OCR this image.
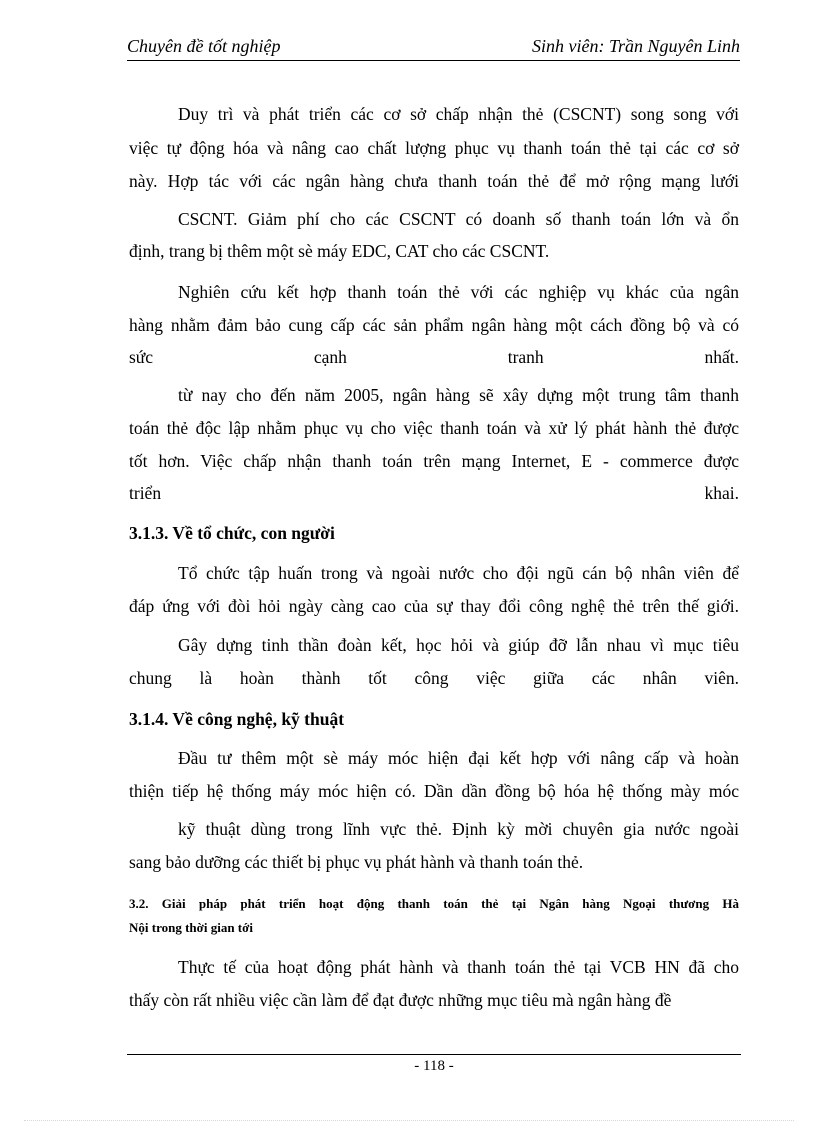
Chuyên đề tốt nghiệp	Sinh viên: Trần Nguyên Linh
Duy trì và phát triển các cơ sở chấp nhận thẻ (CSCNT) song song với
việc tự động hóa và nâng cao chất lượng phục vụ thanh toán thẻ tại các cơ sở
này. Hợp tác với các ngân hàng chưa thanh toán thẻ để mở rộng mạng lưới
CSCNT. Giảm phí cho các CSCNT có doanh số thanh toán lớn và ổn
định, trang bị thêm một sè máy EDC, CAT cho các CSCNT.
Nghiên cứu kết hợp thanh toán thẻ với các nghiệp vụ khác của ngân
hàng nhằm đảm bảo cung cấp các sản phẩm ngân hàng một cách đồng bộ và có
sức cạnh tranh nhất.
từ nay cho đến năm 2005, ngân hàng sẽ xây dựng một trung tâm thanh
toán thẻ độc lập nhằm phục vụ cho việc thanh toán và xử lý phát hành thẻ được
tốt hơn. Việc chấp nhận thanh toán trên mạng Internet, E - commerce được
triển khai.
3.1.3. Về tổ chức, con người
Tổ chức tập huấn trong và ngoài nước cho đội ngũ cán bộ nhân viên để
đáp ứng với đòi hỏi ngày càng cao của sự thay đổi công nghệ thẻ trên thế giới.
Gây dựng tinh thần đoàn kết, học hỏi và giúp đỡ lẫn nhau vì mục tiêu
chung là hoàn thành tốt công việc giữa các nhân viên.
3.1.4. Về công nghệ, kỹ thuật
Đầu tư thêm một sè máy móc hiện đại kết hợp với nâng cấp và hoàn
thiện tiếp hệ thống máy móc hiện có. Dần dần đồng bộ hóa hệ thống mày móc
kỹ thuật dùng trong lĩnh vực thẻ. Định kỳ mời chuyên gia nước ngoài
sang bảo dưỡng các thiết bị phục vụ phát hành và thanh toán thẻ.
3.2. Giải pháp phát triển hoạt động thanh toán thẻ tại Ngân hàng Ngoại thương Hà
Nội trong thời gian tới
Thực tế của hoạt động phát hành và thanh toán thẻ tại VCB HN đã cho
thấy còn rất nhiều việc cần làm để đạt được những mục tiêu mà ngân hàng đề
- 118 -
